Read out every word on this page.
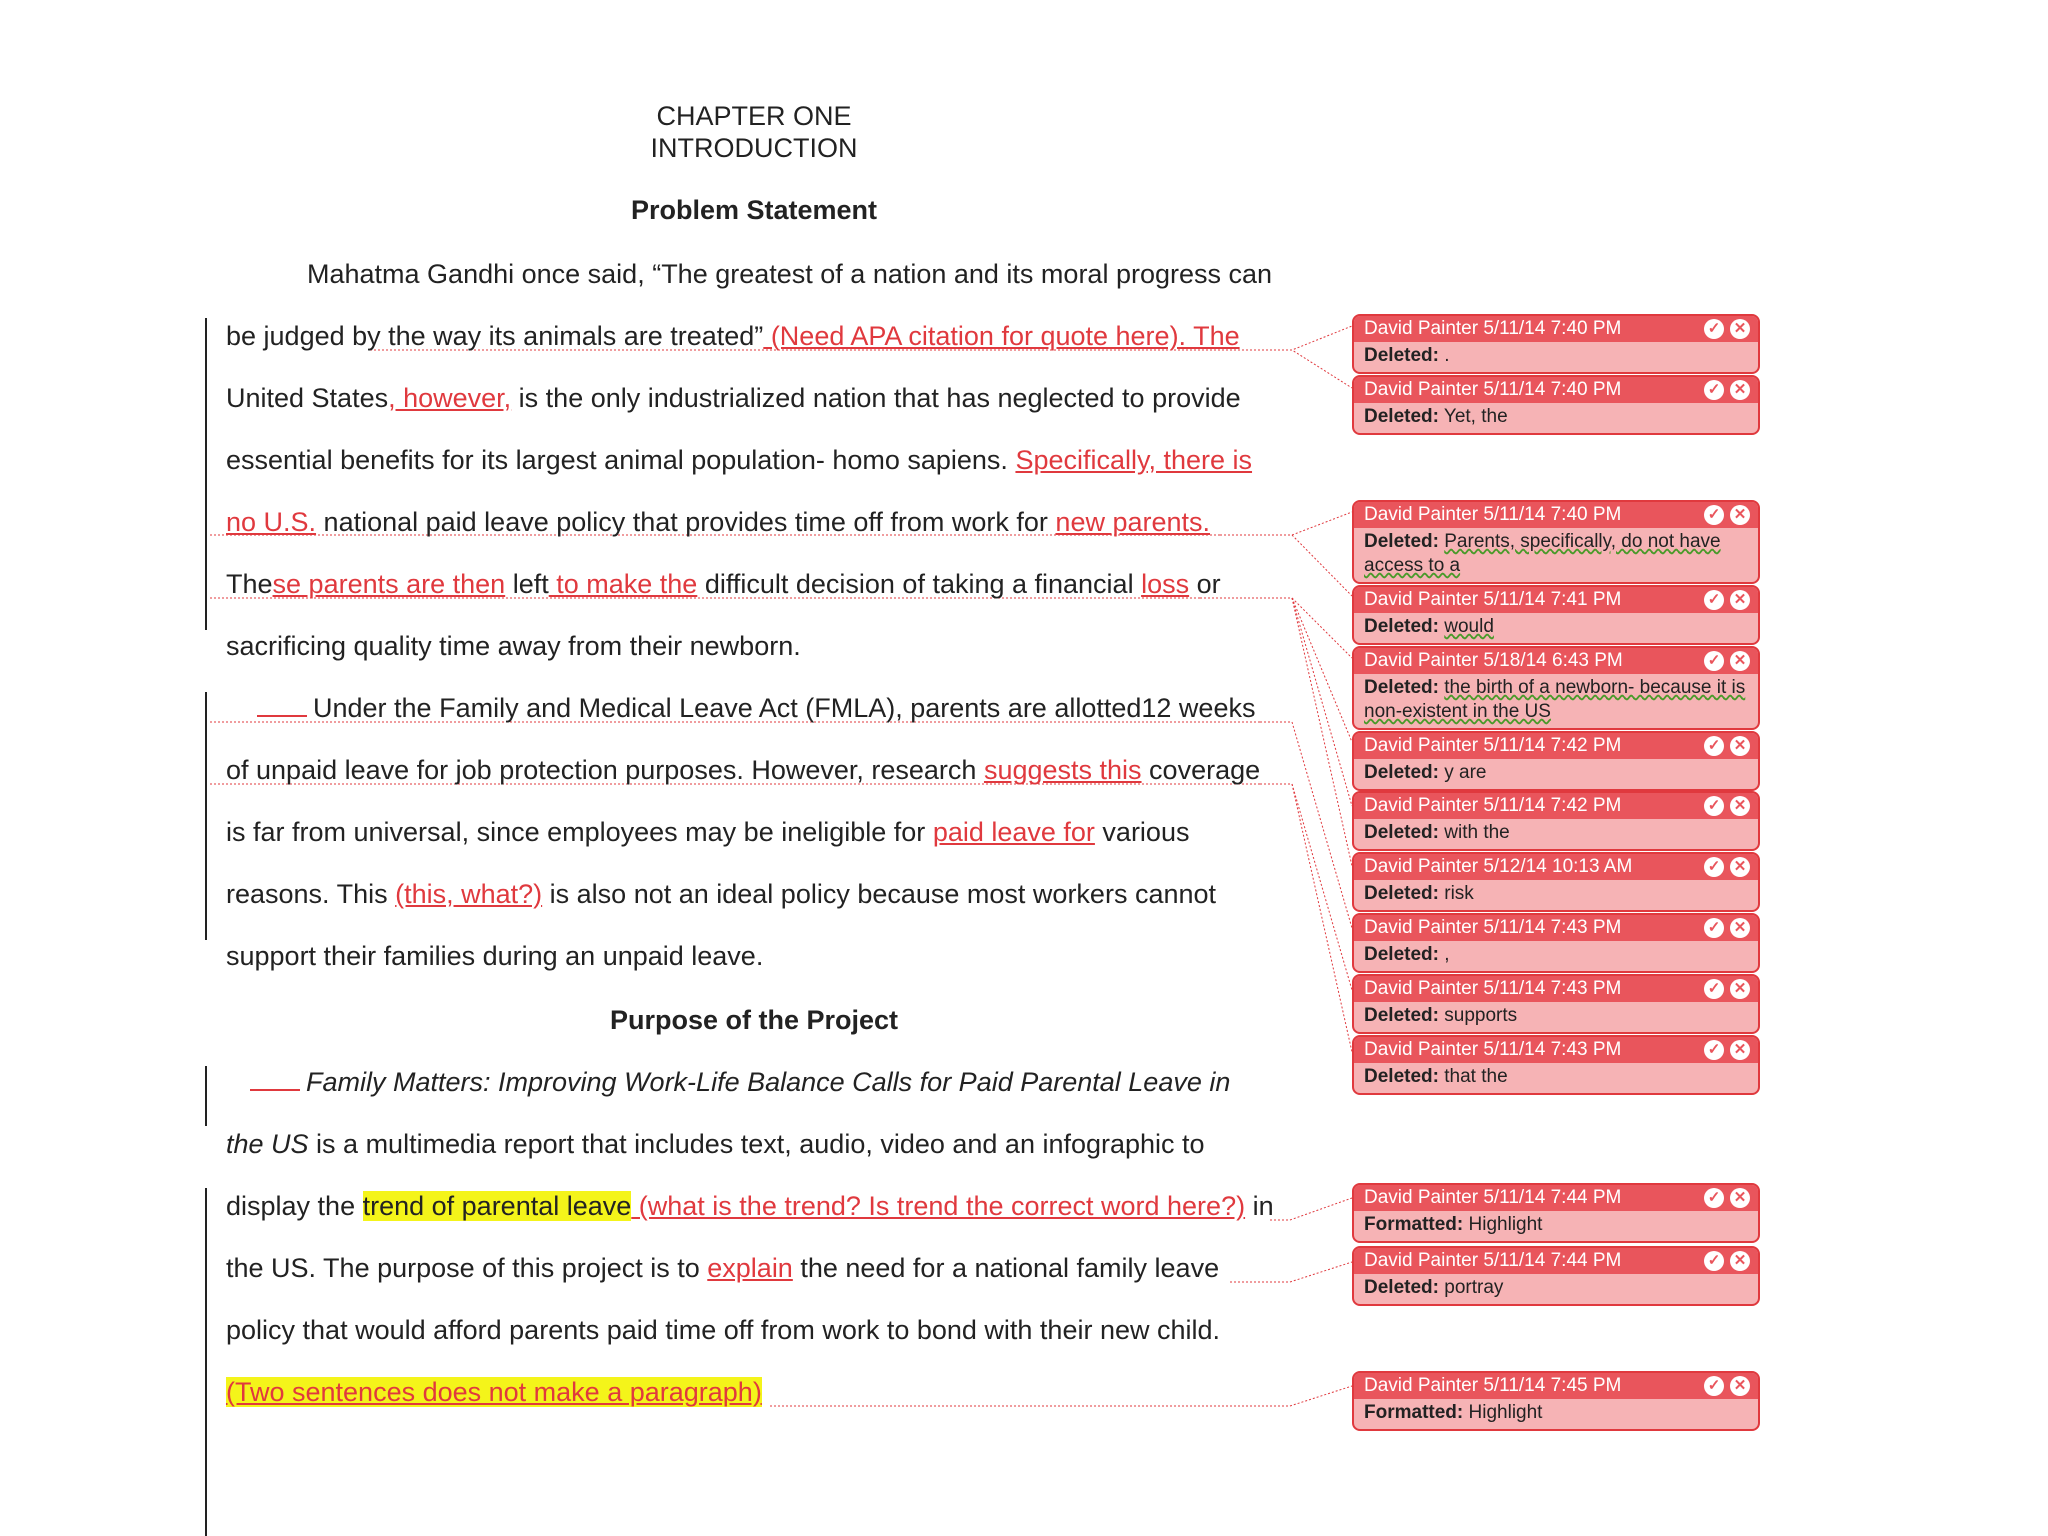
CHAPTER ONE
INTRODUCTION
Problem Statement
Mahatma Gandhi once said, “The greatest of a nation and its moral progress can
be judged by the way its animals are treated” (Need APA citation for quote here). The
United States, however, is the only industrialized nation that has neglected to provide
essential benefits for its largest animal population- homo sapiens. Specifically, there is
no U.S. national paid leave policy that provides time off from work for new parents.
These parents are then left to make the difficult decision of taking a financial loss or
sacrificing quality time away from their newborn.
Under the Family and Medical Leave Act (FMLA), parents are allotted12 weeks
of unpaid leave for job protection purposes. However, research suggests this coverage
is far from universal, since employees may be ineligible for paid leave for various
reasons. This (this, what?) is also not an ideal policy because most workers cannot
support their families during an unpaid leave.
Purpose of the Project
Family Matters: Improving Work-Life Balance Calls for Paid Parental Leave in
the US is a multimedia report that includes text, audio, video and an infographic to
display the trend of parental leave (what is the trend? Is trend the correct word here?) in
the US. The purpose of this project is to explain the need for a national family leave
policy that would afford parents paid time off from work to bond with their new child.
(Two sentences does not make a paragraph)
David Painter 5/11/14 7:40 PM	✓ ✕
Deleted: .
David Painter 5/11/14 7:40 PM	✓ ✕
Deleted: Yet, the
David Painter 5/11/14 7:40 PM	✓ ✕
Deleted: Parents, specifically, do not have access to a
David Painter 5/11/14 7:41 PM	✓ ✕
Deleted: would
David Painter 5/18/14 6:43 PM	✓ ✕
Deleted: the birth of a newborn- because it is non-existent in the US
David Painter 5/11/14 7:42 PM	✓ ✕
Deleted: y are
David Painter 5/11/14 7:42 PM	✓ ✕
Deleted: with the
David Painter 5/12/14 10:13 AM	✓ ✕
Deleted: risk
David Painter 5/11/14 7:43 PM	✓ ✕
Deleted: ,
David Painter 5/11/14 7:43 PM	✓ ✕
Deleted: supports
David Painter 5/11/14 7:43 PM	✓ ✕
Deleted: that the
David Painter 5/11/14 7:44 PM	✓ ✕
Formatted: Highlight
David Painter 5/11/14 7:44 PM	✓ ✕
Deleted: portray
David Painter 5/11/14 7:45 PM	✓ ✕
Formatted: Highlight
